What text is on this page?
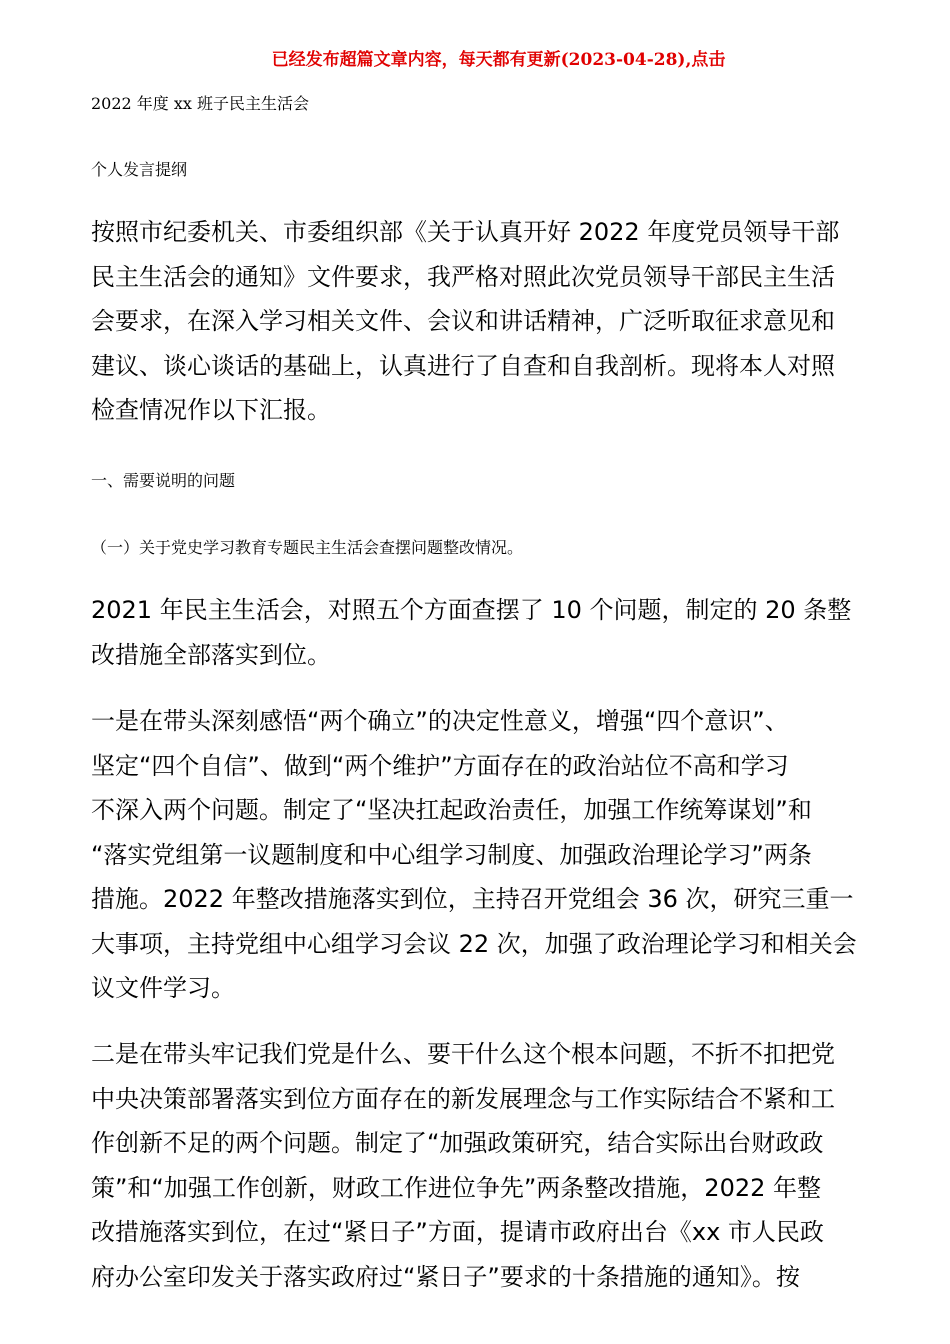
已经发布超篇文章内容，每天都有更新(2023-04-28),点击
2022 年度 xx 班子民主生活会
个人发言提纲

按照市纪委机关、市委组织部《关于认真开好 2022 年度党员领导干部
民主生活会的通知》文件要求，我严格对照此次党员领导干部民主生活
会要求，在深入学习相关文件、会议和讲话精神，广泛听取征求意见和
建议、谈心谈话的基础上，认真进行了自查和自我剖析。现将本人对照
检查情况作以下汇报。

一、需要说明的问题
（一）关于党史学习教育专题民主生活会查摆问题整改情况。

2021 年民主生活会，对照五个方面查摆了 10 个问题，制定的 20 条整
改措施全部落实到位。

一是在带头深刻感悟“两个确立”的决定性意义，增强“四个意识”、
坚定“四个自信”、做到“两个维护”方面存在的政治站位不高和学习
不深入两个问题。制定了“坚决扛起政治责任，加强工作统筹谋划”和
“落实党组第一议题制度和中心组学习制度、加强政治理论学习”两条
措施。2022 年整改措施落实到位，主持召开党组会 36 次，研究三重一
大事项，主持党组中心组学习会议 22 次，加强了政治理论学习和相关会
议文件学习。

二是在带头牢记我们党是什么、要干什么这个根本问题，不折不扣把党
中央决策部署落实到位方面存在的新发展理念与工作实际结合不紧和工
作创新不足的两个问题。制定了“加强政策研究，结合实际出台财政政
策”和“加强工作创新，财政工作进位争先”两条整改措施，2022 年整
改措施落实到位，在过“紧日子”方面，提请市政府出台《xx 市人民政
府办公室印发关于落实政府过“紧日子”要求的十条措施的通知》。按
